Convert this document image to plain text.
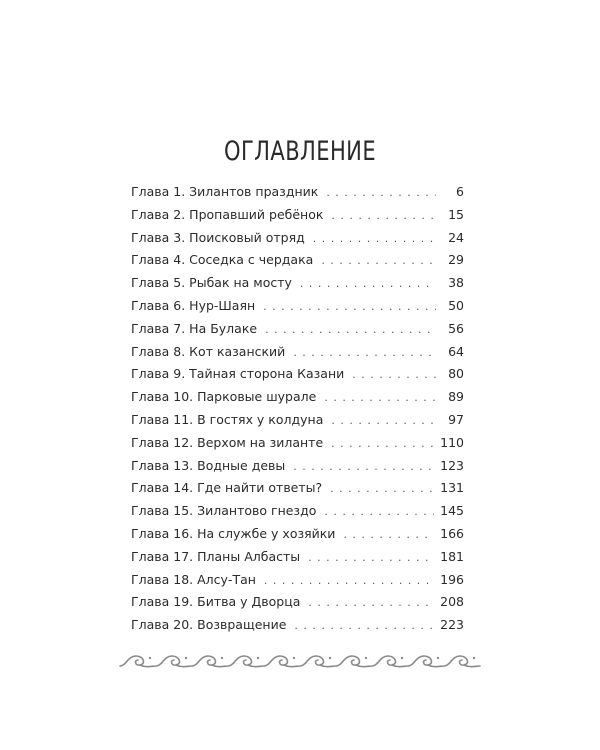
ОГЛАВЛЕНИЕ
Глава 1. Зилантов праздник . . .	6
Глава 2. Пропавший ребёнок . . .	15
Глава 3. Поисковый отряд . . .	24
Глава 4. Соседка с чердака . . .	29
Глава 5. Рыбак на мосту . . .	38
Глава 6. Нур-Шаян . . .	50
Глава 7. На Булаке . . .	56
Глава 8. Кот казанский . . .	64
Глава 9. Тайная сторона Казани . . .	80
Глава 10. Парковые шурале . . .	89
Глава 11. В гостях у колдуна . . .	97
Глава 12. Верхом на зиланте . . .	110
Глава 13. Водные девы . . .	123
Глава 14. Где найти ответы? . . .	131
Глава 15. Зилантово гнездо . . .	145
Глава 16. На службе у хозяйки . . .	166
Глава 17. Планы Албасты . . .	181
Глава 18. Алсу-Тан . . .	196
Глава 19. Битва у Дворца . . .	208
Глава 20. Возвращение . . .	223
